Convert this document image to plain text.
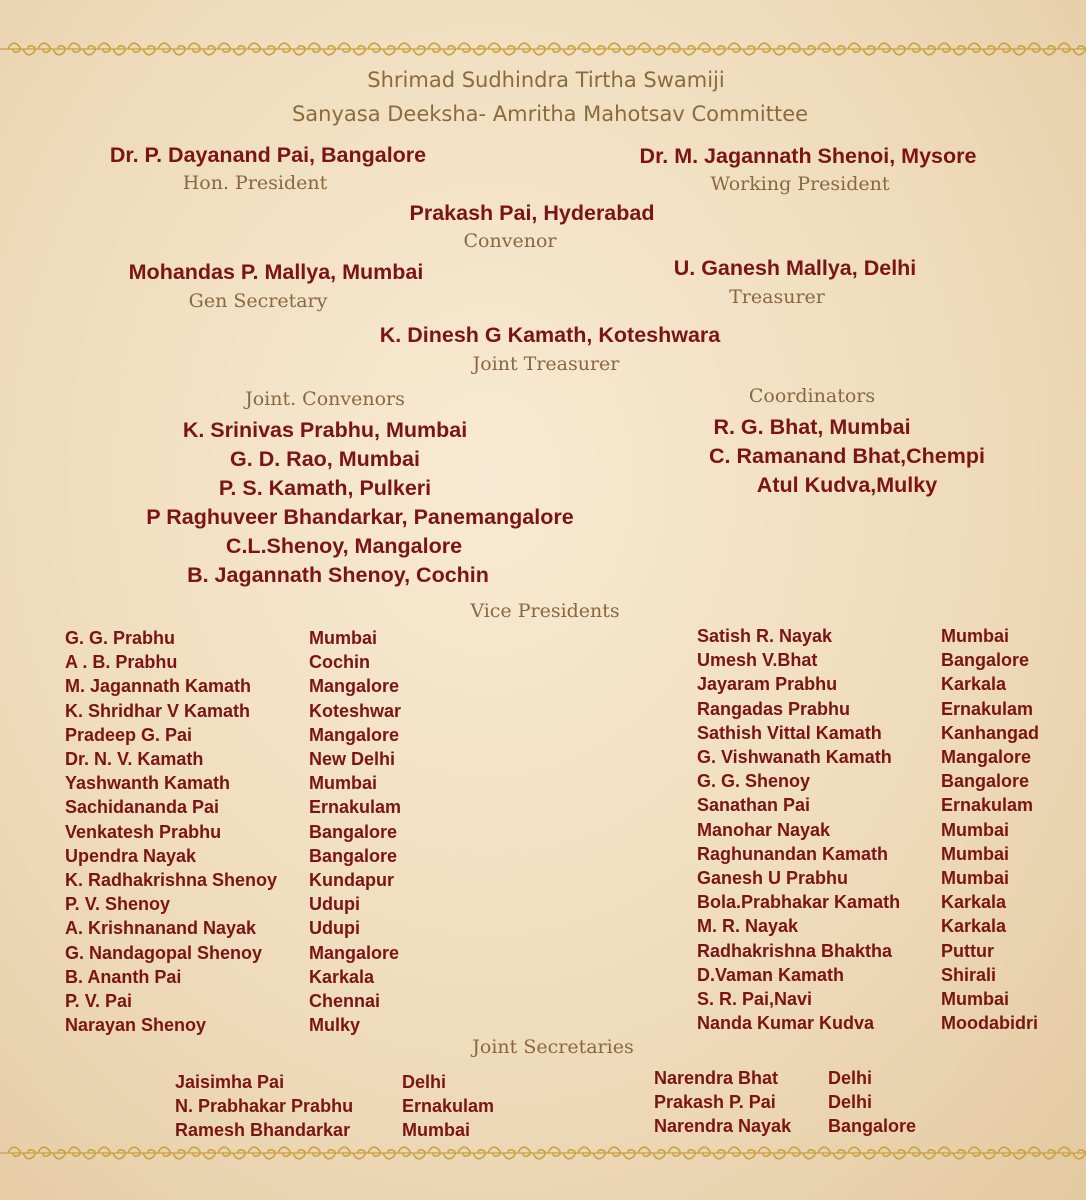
Shrimad Sudhindra Tirtha Swamiji
Sanyasa Deeksha- Amritha Mahotsav Committee
Dr. P. Dayanand Pai, Bangalore
Hon. President
Dr. M. Jagannath Shenoi, Mysore
Working President
Prakash Pai, Hyderabad
Convenor
Mohandas P. Mallya, Mumbai
Gen Secretary
U. Ganesh Mallya, Delhi
Treasurer
K. Dinesh G Kamath, Koteshwara
Joint Treasurer
Joint. Convenors
K. Srinivas Prabhu, Mumbai
G. D. Rao, Mumbai
P. S. Kamath, Pulkeri
P Raghuveer Bhandarkar, Panemangalore
C.L.Shenoy, Mangalore
B. Jagannath Shenoy, Cochin
Coordinators
R. G. Bhat, Mumbai
C. Ramanand Bhat,Chempi
Atul Kudva,Mulky
Vice Presidents
G. G. Prabhu	Mumbai
A . B. Prabhu	Cochin
M. Jagannath Kamath	Mangalore
K. Shridhar V Kamath	Koteshwar
Pradeep G. Pai	Mangalore
Dr. N. V. Kamath	New Delhi
Yashwanth Kamath	Mumbai
Sachidananda Pai	Ernakulam
Venkatesh Prabhu	Bangalore
Upendra Nayak	Bangalore
K. Radhakrishna Shenoy	Kundapur
P. V. Shenoy	Udupi
A. Krishnanand Nayak	Udupi
G. Nandagopal Shenoy	Mangalore
B. Ananth Pai	Karkala
P. V. Pai	Chennai
Narayan Shenoy	Mulky
Satish R. Nayak	Mumbai
Umesh V.Bhat	Bangalore
Jayaram Prabhu	Karkala
Rangadas Prabhu	Ernakulam
Sathish Vittal Kamath	Kanhangad
G. Vishwanath Kamath	Mangalore
G. G. Shenoy	Bangalore
Sanathan Pai	Ernakulam
Manohar Nayak	Mumbai
Raghunandan Kamath	Mumbai
Ganesh U Prabhu	Mumbai
Bola.Prabhakar Kamath	Karkala
M. R. Nayak	Karkala
Radhakrishna Bhaktha	Puttur
D.Vaman Kamath	Shirali
S. R. Pai,Navi	Mumbai
Nanda Kumar Kudva	Moodabidri
Joint Secretaries
Jaisimha Pai	Delhi
N. Prabhakar Prabhu	Ernakulam
Ramesh Bhandarkar	Mumbai
Narendra Bhat	Delhi
Prakash P. Pai	Delhi
Narendra Nayak	Bangalore
